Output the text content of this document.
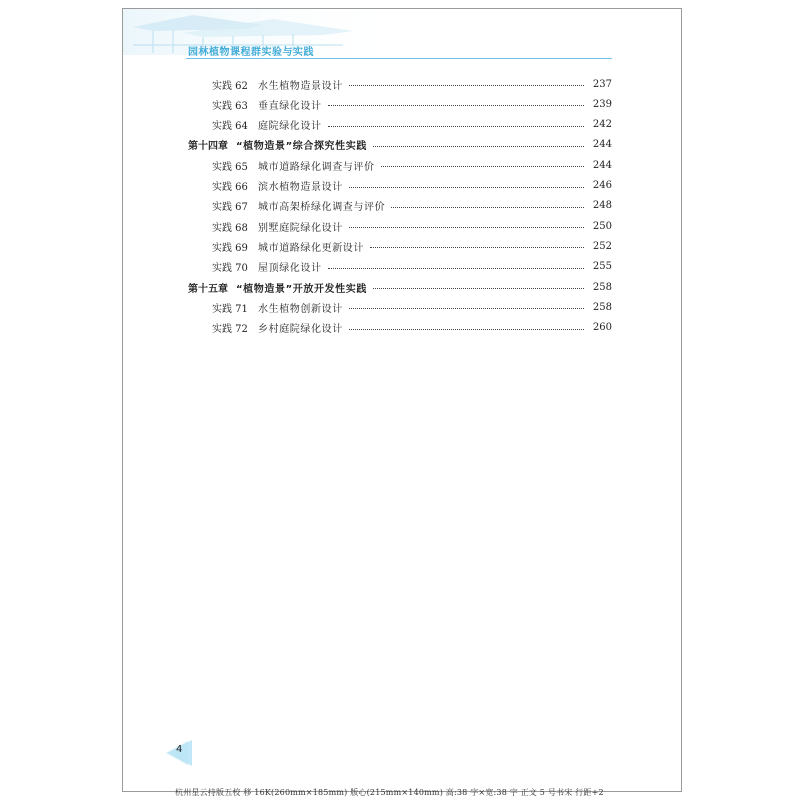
园林植物课程群实验与实践
实践 62	水生植物造景设计	237
实践 63	垂直绿化设计	239
实践 64	庭院绿化设计	242
第十四章 “植物造景”综合探究性实践	244
实践 65	城市道路绿化调查与评价	244
实践 66	滨水植物造景设计	246
实践 67	城市高架桥绿化调查与评价	248
实践 68	别墅庭院绿化设计	250
实践 69	城市道路绿化更新设计	252
实践 70	屋顶绿化设计	255
第十五章 “植物造景”开放开发性实践	258
实践 71	水生植物创新设计	258
实践 72	乡村庭院绿化设计	260
4
杭州星云持版五校 移 16K(260mm×185mm) 版心(215mm×140mm) 高:38 字×宽:38 字 正文 5 号书宋 行距+2
